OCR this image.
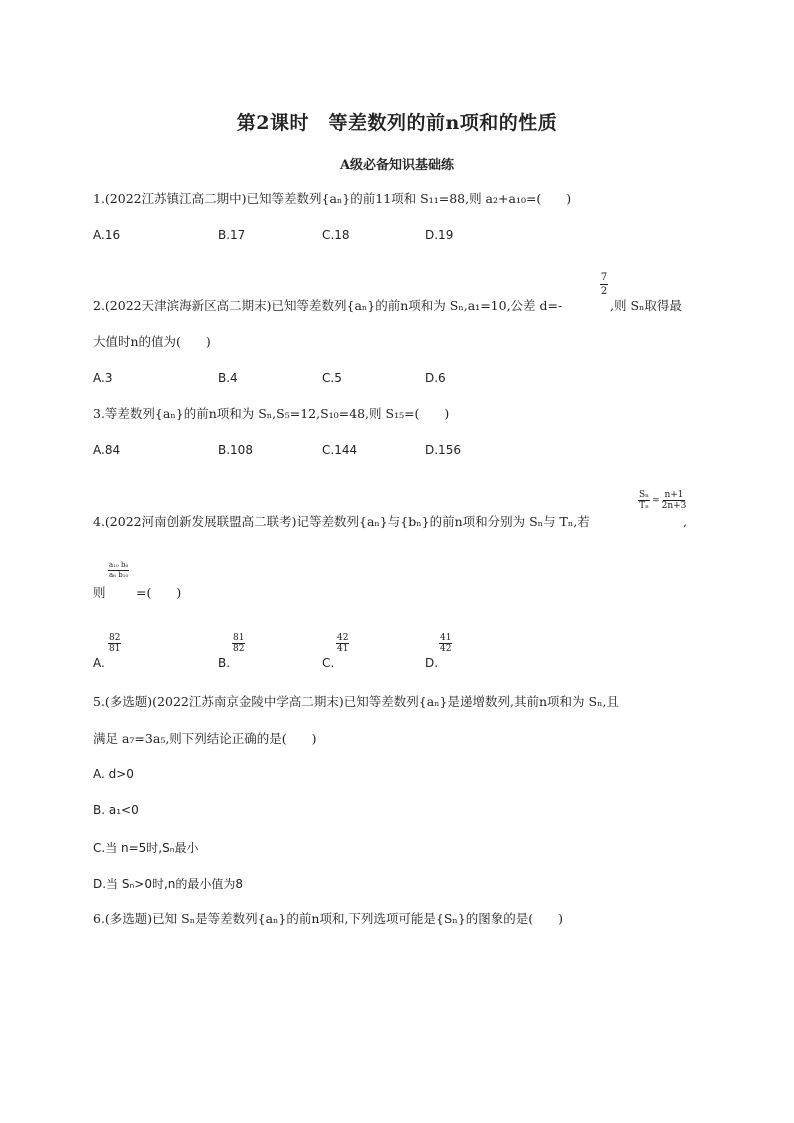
第2课时　等差数列的前n项和的性质
A级必备知识基础练
1.(2022江苏镇江高二期中)已知等差数列{aₙ}的前11项和 S₁₁=88,则 a₂+a₁₀=(　　)
A.16	B.17	C.18	D.19
2.(2022天津滨海新区高二期末)已知等差数列{aₙ}的前n项和为 Sₙ,a₁=10,公差 d=-
7
2
,则 Sₙ取得最
大值时n的值为(　　)
A.3	B.4	C.5	D.6
3.等差数列{aₙ}的前n项和为 Sₙ,S₅=12,S₁₀=48,则 S₁₅=(　　)
A.84	B.108	C.144	D.156
4.(2022河南创新发展联盟高二联考)记等差数列{aₙ}与{bₙ}的前n项和分别为 Sₙ与 Tₙ,若
$\frac{\text{Sₙ}}{\text{Tₙ}} = \frac{n+1}{2n+3}$
,
则
$\frac{\text{a₁₀ b₆}}{\text{a₆ b₁₀}}$
=(　　)
$\frac{82}{81}$
A.
$\frac{81}{82}$
B.
$\frac{42}{41}$
C.
$\frac{41}{42}$
D.
5.(多选题)(2022江苏南京金陵中学高二期末)已知等差数列{aₙ}是递增数列,其前n项和为 Sₙ,且
满足 a₇=3a₅,则下列结论正确的是(　　)
A. d>0
B. a₁<0
C.当 n=5时,Sₙ最小
D.当 Sₙ>0时,n的最小值为8
6.(多选题)已知 Sₙ是等差数列{aₙ}的前n项和,下列选项可能是{Sₙ}的图象的是(　　)
